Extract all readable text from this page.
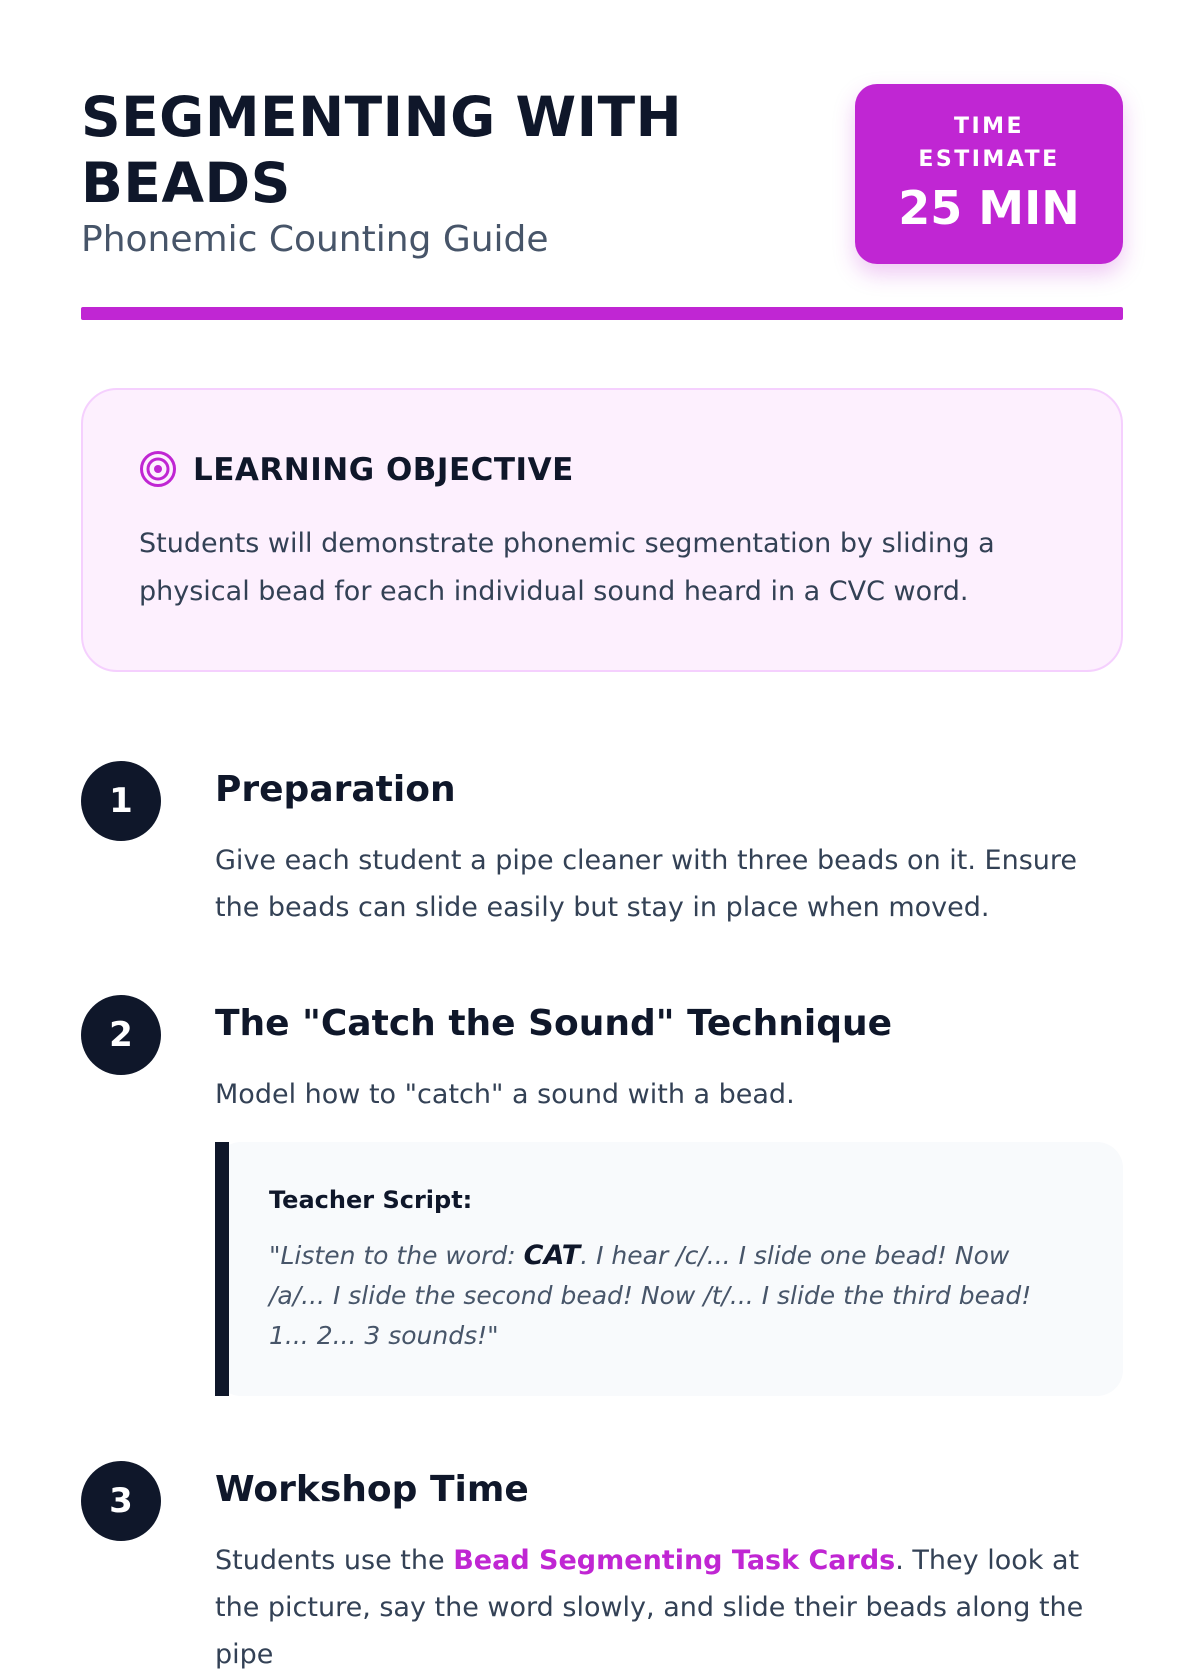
SEGMENTING WITH BEADS
Phonemic Counting Guide
TIME ESTIMATE
25 MIN
LEARNING OBJECTIVE

Students will demonstrate phonemic segmentation by sliding a physical bead for each individual sound heard in a CVC word.

1	Preparation

Give each student a pipe cleaner with three beads on it. Ensure the beads can slide easily but stay in place when moved.

2	The "Catch the Sound" Technique

Model how to "catch" a sound with a bead.

Teacher Script:

"Listen to the word: CAT. I hear /c/... I slide one bead! Now /a/... I slide the second bead! Now /t/... I slide the third bead! 1... 2... 3 sounds!"

3	Workshop Time

Students use the Bead Segmenting Task Cards. They look at the picture, say the word slowly, and slide their beads along the pipe
